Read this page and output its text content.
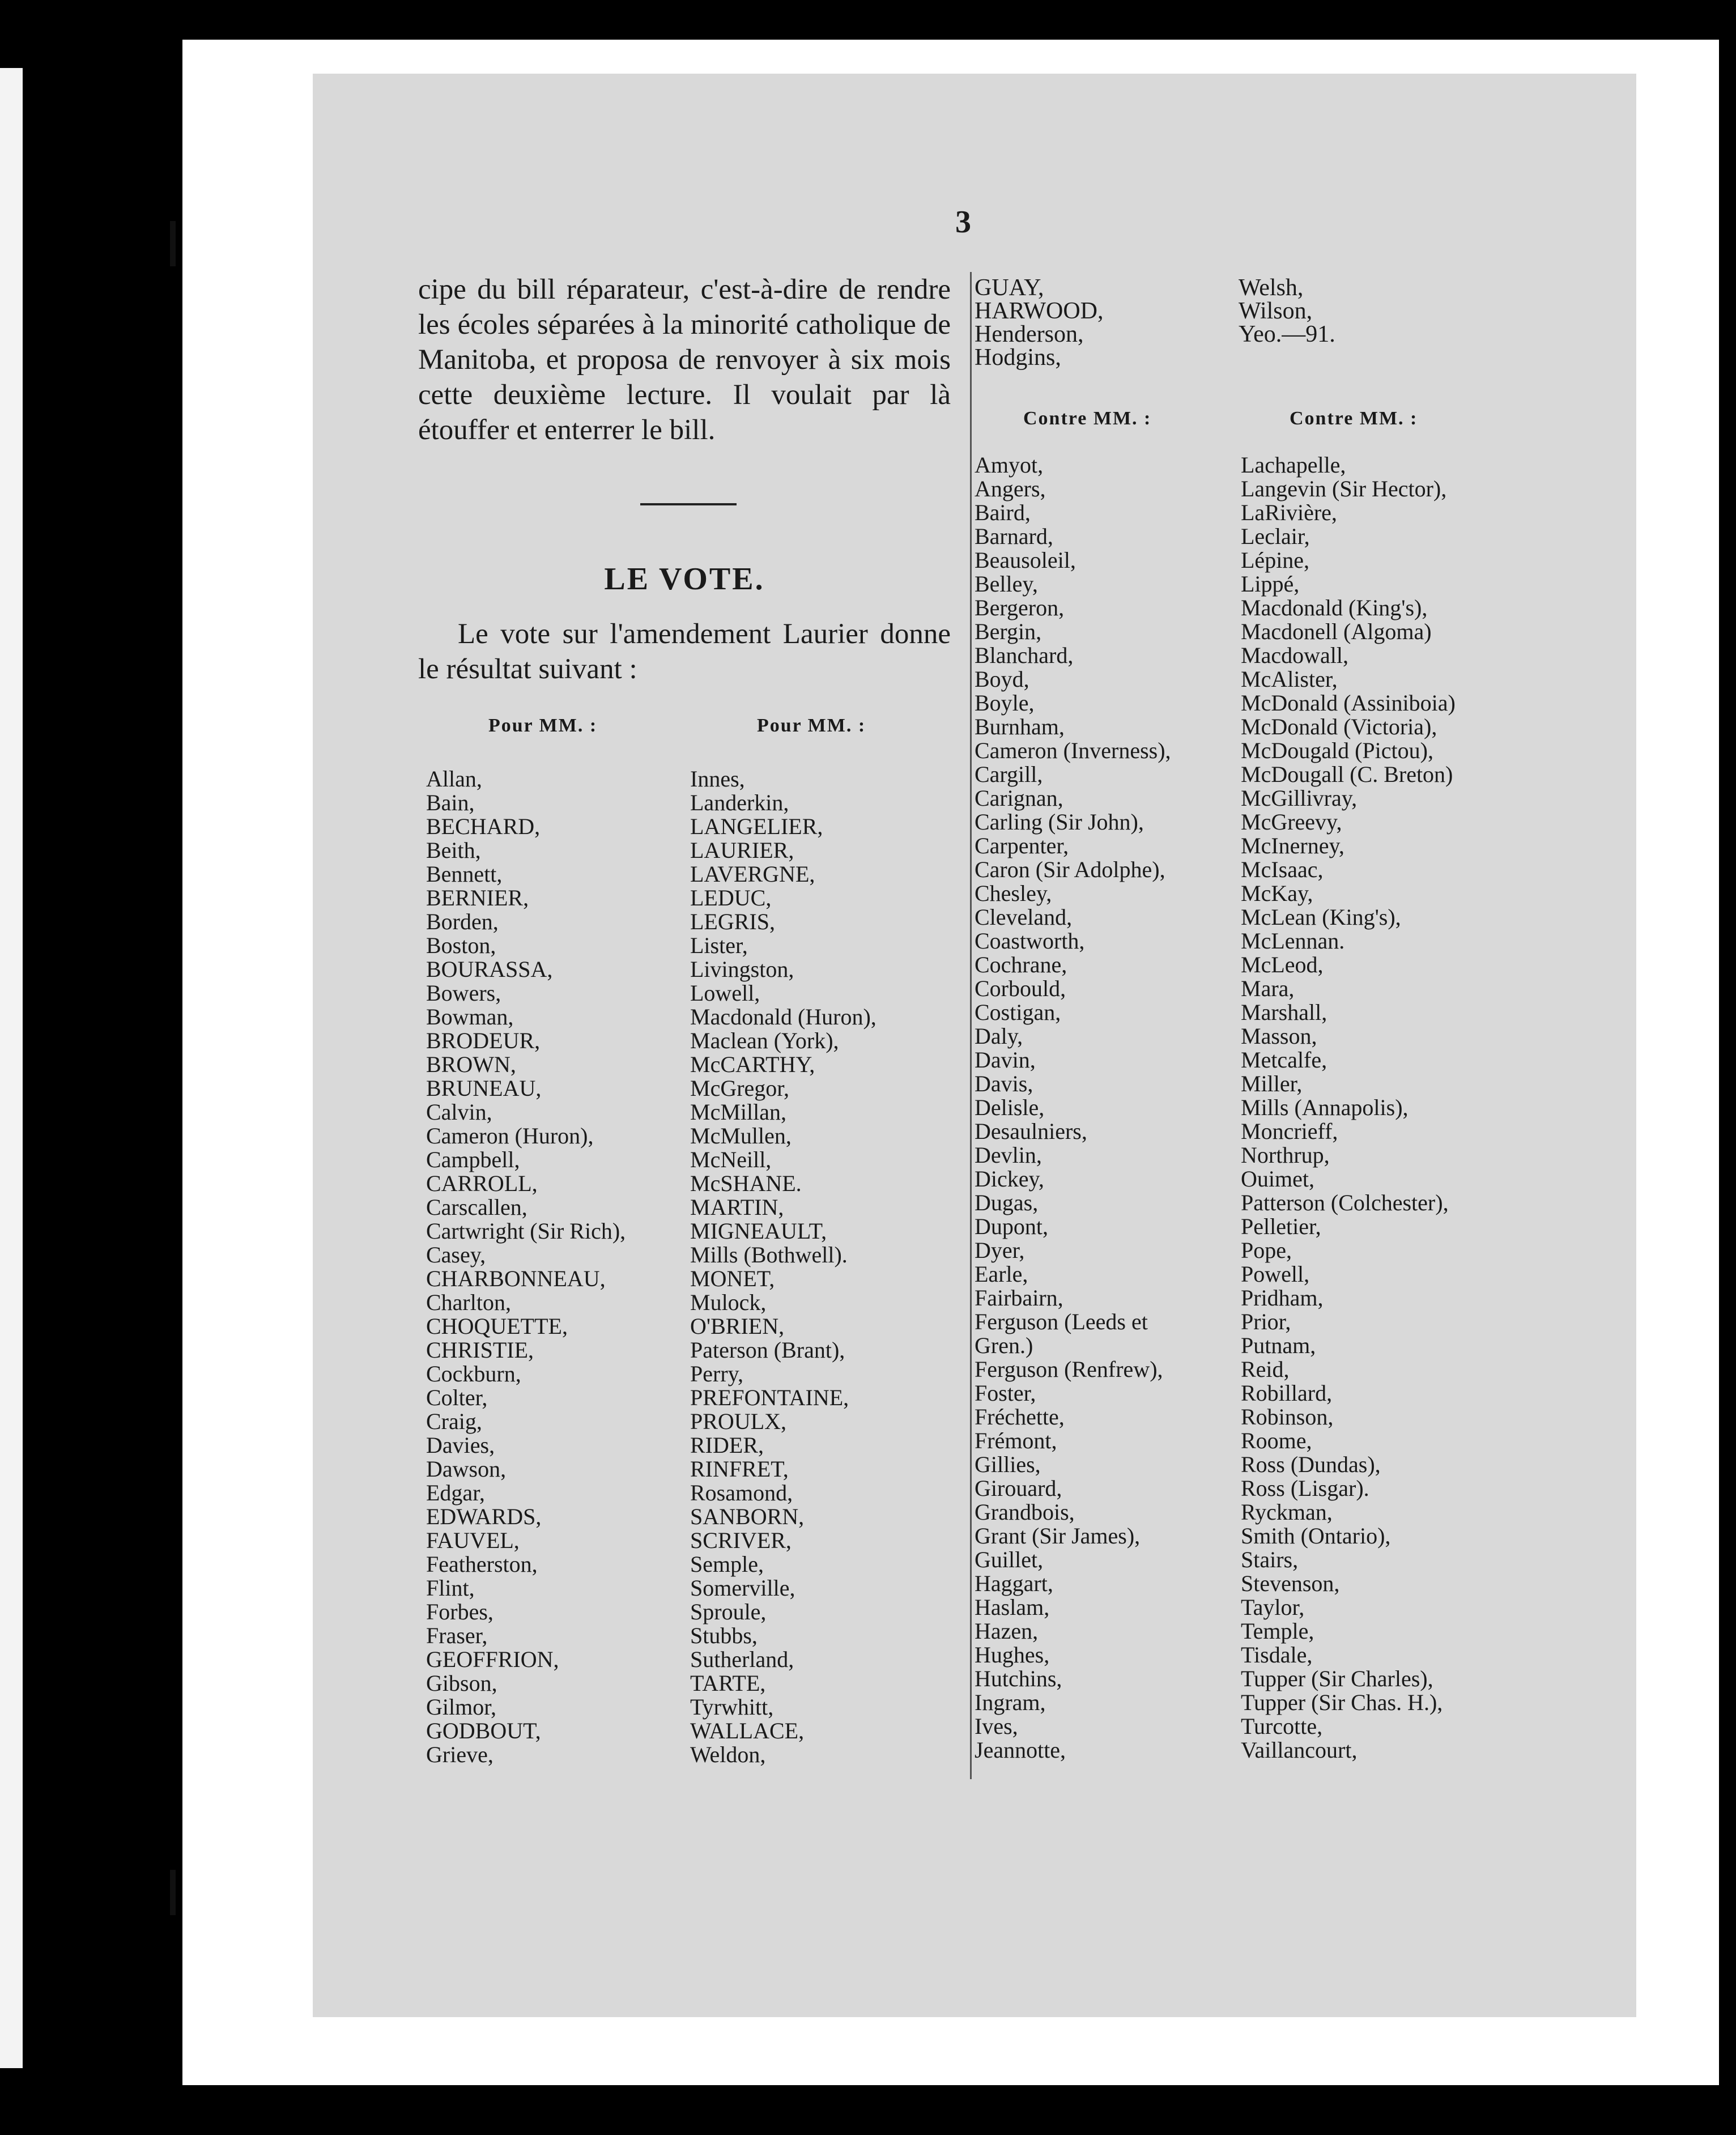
3

cipe du bill réparateur, c'est-à-dire de rendre les écoles séparées à la minorité catholique de Manitoba, et proposa de renvoyer à six mois cette deuxième lecture. Il voulait par là étouffer et enterrer le bill.

LE VOTE.
Le vote sur l'amendement Laurier donne le résultat suivant :
Pour MM. :	Pour MM. :
Allan,
Bain,
BECHARD,
Beith,
Bennett,
BERNIER,
Borden,
Boston,
BOURASSA,
Bowers,
Bowman,
BRODEUR,
BROWN,
BRUNEAU,
Calvin,
Cameron (Huron),
Campbell,
CARROLL,
Carscallen,
Cartwright (Sir Rich),
Casey,
CHARBONNEAU,
Charlton,
CHOQUETTE,
CHRISTIE,
Cockburn,
Colter,
Craig,
Davies,
Dawson,
Edgar,
EDWARDS,
FAUVEL,
Featherston,
Flint,
Forbes,
Fraser,
GEOFFRION,
Gibson,
Gilmor,
GODBOUT,
Grieve,
Innes,
Landerkin,
LANGELIER,
LAURIER,
LAVERGNE,
LEDUC,
LEGRIS,
Lister,
Livingston,
Lowell,
Macdonald (Huron),
Maclean (York),
McCARTHY,
McGregor,
McMillan,
McMullen,
McNeill,
McSHANE.
MARTIN,
MIGNEAULT,
Mills (Bothwell).
MONET,
Mulock,
O'BRIEN,
Paterson (Brant),
Perry,
PREFONTAINE,
PROULX,
RIDER,
RINFRET,
Rosamond,
SANBORN,
SCRIVER,
Semple,
Somerville,
Sproule,
Stubbs,
Sutherland,
TARTE,
Tyrwhitt,
WALLACE,
Weldon,
GUAY,
HARWOOD,
Henderson,
Hodgins,
Welsh,
Wilson,
Yeo.—91.
Contre MM. :	Contre MM. :
Amyot,
Angers,
Baird,
Barnard,
Beausoleil,
Belley,
Bergeron,
Bergin,
Blanchard,
Boyd,
Boyle,
Burnham,
Cameron (Inverness),
Cargill,
Carignan,
Carling (Sir John),
Carpenter,
Caron (Sir Adolphe),
Chesley,
Cleveland,
Coastworth,
Cochrane,
Corbould,
Costigan,
Daly,
Davin,
Davis,
Delisle,
Desaulniers,
Devlin,
Dickey,
Dugas,
Dupont,
Dyer,
Earle,
Fairbairn,
Ferguson (Leeds et
Gren.)
Ferguson (Renfrew),
Foster,
Fréchette,
Frémont,
Gillies,
Girouard,
Grandbois,
Grant (Sir James),
Guillet,
Haggart,
Haslam,
Hazen,
Hughes,
Hutchins,
Ingram,
Ives,
Jeannotte,
Lachapelle,
Langevin (Sir Hector),
LaRivière,
Leclair,
Lépine,
Lippé,
Macdonald (King's),
Macdonell (Algoma)
Macdowall,
McAlister,
McDonald (Assiniboia)
McDonald (Victoria),
McDougald (Pictou),
McDougall (C. Breton)
McGillivray,
McGreevy,
McInerney,
McIsaac,
McKay,
McLean (King's),
McLennan.
McLeod,
Mara,
Marshall,
Masson,
Metcalfe,
Miller,
Mills (Annapolis),
Moncrieff,
Northrup,
Ouimet,
Patterson (Colchester),
Pelletier,
Pope,
Powell,
Pridham,
Prior,
Putnam,
Reid,
Robillard,
Robinson,
Roome,
Ross (Dundas),
Ross (Lisgar).
Ryckman,
Smith (Ontario),
Stairs,
Stevenson,
Taylor,
Temple,
Tisdale,
Tupper (Sir Charles),
Tupper (Sir Chas. H.),
Turcotte,
Vaillancourt,
